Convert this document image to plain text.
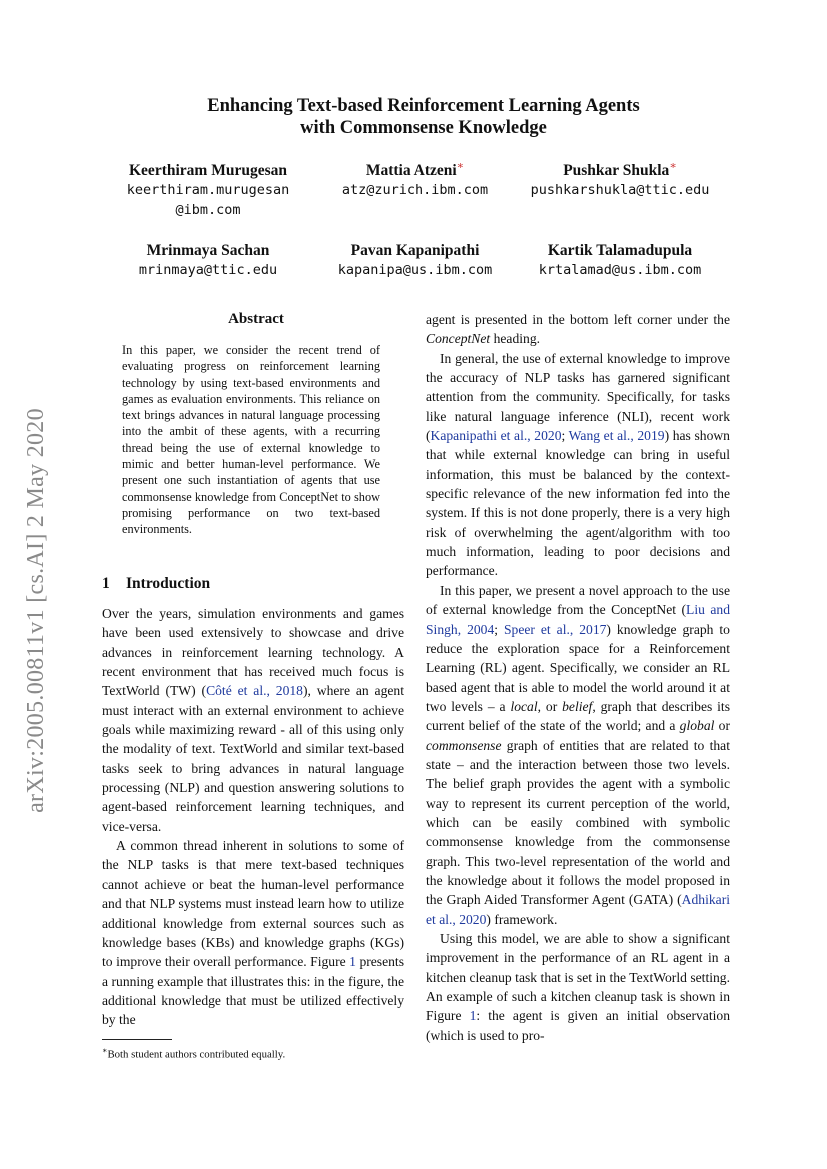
arXiv:2005.00811v1 [cs.AI] 2 May 2020
Enhancing Text-based Reinforcement Learning Agents
with Commonsense Knowledge
Keerthiram Murugesan
keerthiram.murugesan
@ibm.com
Mattia Atzeni∗
atz@zurich.ibm.com
Pushkar Shukla∗
pushkarshukla@ttic.edu
Mrinmaya Sachan
mrinmaya@ttic.edu
Pavan Kapanipathi
kapanipa@us.ibm.com
Kartik Talamadupula
krtalamad@us.ibm.com
Abstract
In this paper, we consider the recent trend of evaluating progress on reinforcement learning technology by using text-based environments and games as evaluation environments. This reliance on text brings advances in natural language processing into the ambit of these agents, with a recurring thread being the use of external knowledge to mimic and better human-level performance. We present one such instantiation of agents that use commonsense knowledge from ConceptNet to show promising performance on two text-based environments.
1 Introduction

Over the years, simulation environments and games have been used extensively to showcase and drive advances in reinforcement learning technology. A recent environment that has received much focus is TextWorld (TW) (Côté et al., 2018), where an agent must interact with an external environment to achieve goals while maximizing reward - all of this using only the modality of text. TextWorld and similar text-based tasks seek to bring advances in natural language processing (NLP) and question answering solutions to agent-based reinforcement learning techniques, and vice-versa.

A common thread inherent in solutions to some of the NLP tasks is that mere text-based techniques cannot achieve or beat the human-level performance and that NLP systems must instead learn how to utilize additional knowledge from external sources such as knowledge bases (KBs) and knowledge graphs (KGs) to improve their overall performance. Figure 1 presents a running example that illustrates this: in the figure, the additional knowledge that must be utilized effectively by the

agent is presented in the bottom left corner under the ConceptNet heading.

In general, the use of external knowledge to improve the accuracy of NLP tasks has garnered significant attention from the community. Specifically, for tasks like natural language inference (NLI), recent work (Kapanipathi et al., 2020; Wang et al., 2019) has shown that while external knowledge can bring in useful information, this must be balanced by the context-specific relevance of the new information fed into the system. If this is not done properly, there is a very high risk of overwhelming the agent/algorithm with too much information, leading to poor decisions and performance.

In this paper, we present a novel approach to the use of external knowledge from the ConceptNet (Liu and Singh, 2004; Speer et al., 2017) knowledge graph to reduce the exploration space for a Reinforcement Learning (RL) agent. Specifically, we consider an RL based agent that is able to model the world around it at two levels – a local, or belief, graph that describes its current belief of the state of the world; and a global or commonsense graph of entities that are related to that state – and the interaction between those two levels. The belief graph provides the agent with a symbolic way to represent its current perception of the world, which can be easily combined with symbolic commonsense knowledge from the commonsense graph. This two-level representation of the world and the knowledge about it follows the model proposed in the Graph Aided Transformer Agent (GATA) (Adhikari et al., 2020) framework.

Using this model, we are able to show a significant improvement in the performance of an RL agent in a kitchen cleanup task that is set in the TextWorld setting. An example of such a kitchen cleanup task is shown in Figure 1: the agent is given an initial observation (which is used to pro-

∗Both student authors contributed equally.
